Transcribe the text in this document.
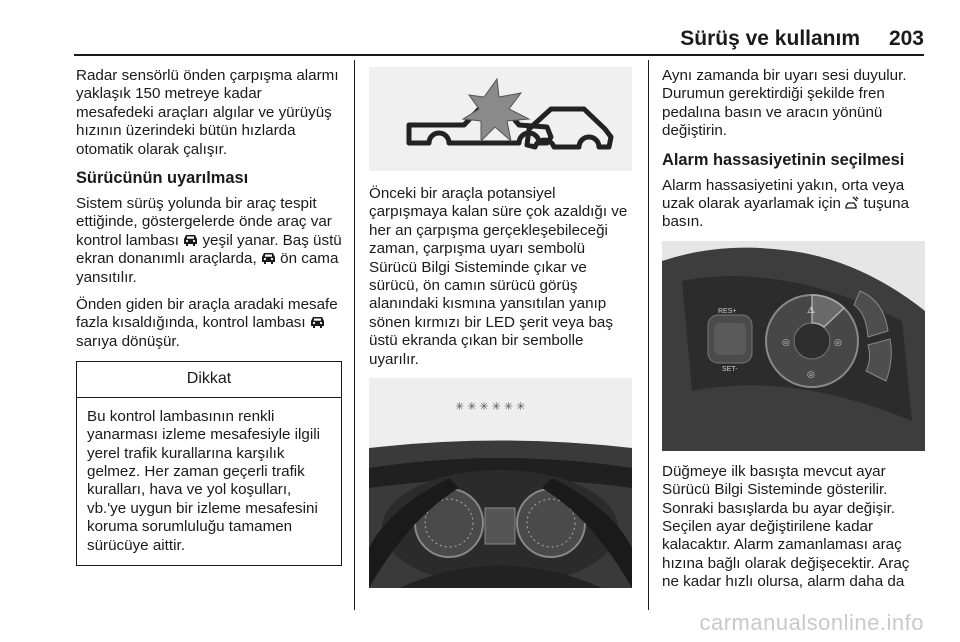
Sürüş ve kullanım 203

Radar sensörlü önden çarpışma alarmı yaklaşık 150 metreye kadar mesafedeki araçları algılar ve yürüyüş hızının üzerindeki bütün hızlarda otomatik olarak çalışır.

Sürücünün uyarılması

Sistem sürüş yolunda bir araç tespit ettiğinde, göstergelerde önde araç var kontrol lambası yeşil yanar. Baş üstü ekran donanımlı araçlarda, ön cama yansıtılır.

Önden giden bir araçla aradaki mesafe fazla kısaldığında, kontrol lambası  sarıya dönüşür.

Dikkat
Bu kontrol lambasının renkli yanarması izleme mesafesiyle ilgili yerel trafik kurallarına karşılık gelmez. Her zaman geçerli trafik kuralları, hava ve yol koşulları, vb.'ye uygun bir izleme mesafesini koruma sorumluluğu tamamen sürücüye aittir.

Önceki bir araçla potansiyel çarpışmaya kalan süre çok azaldığı ve her an çarpışma gerçekleşebileceği zaman, çarpışma uyarı sembolü Sürücü Bilgi Sisteminde çıkar ve sürücü, ön camın sürücü görüş alanındaki kısmına yansıtılan yanıp sönen kırmızı bir LED şerit veya baş üstü ekranda çıkan bir sembolle uyarılır.

✳✳✳✳✳✳

Aynı zamanda bir uyarı sesi duyulur. Durumun gerektirdiği şekilde fren pedalına basın ve aracın yönünü değiştirin.

Alarm hassasiyetinin seçilmesi

Alarm hassasiyetini yakın, orta veya uzak olarak ayarlamak için tuşuna basın.

RES+
SET-
⚠
◎	◎
◎

Düğmeye ilk basışta mevcut ayar Sürücü Bilgi Sisteminde gösterilir. Sonraki basışlarda bu ayar değişir. Seçilen ayar değiştirilene kadar kalacaktır. Alarm zamanlaması araç hızına bağlı olarak değişecektir. Araç ne kadar hızlı olursa, alarm daha da

carmanualsonline.info
